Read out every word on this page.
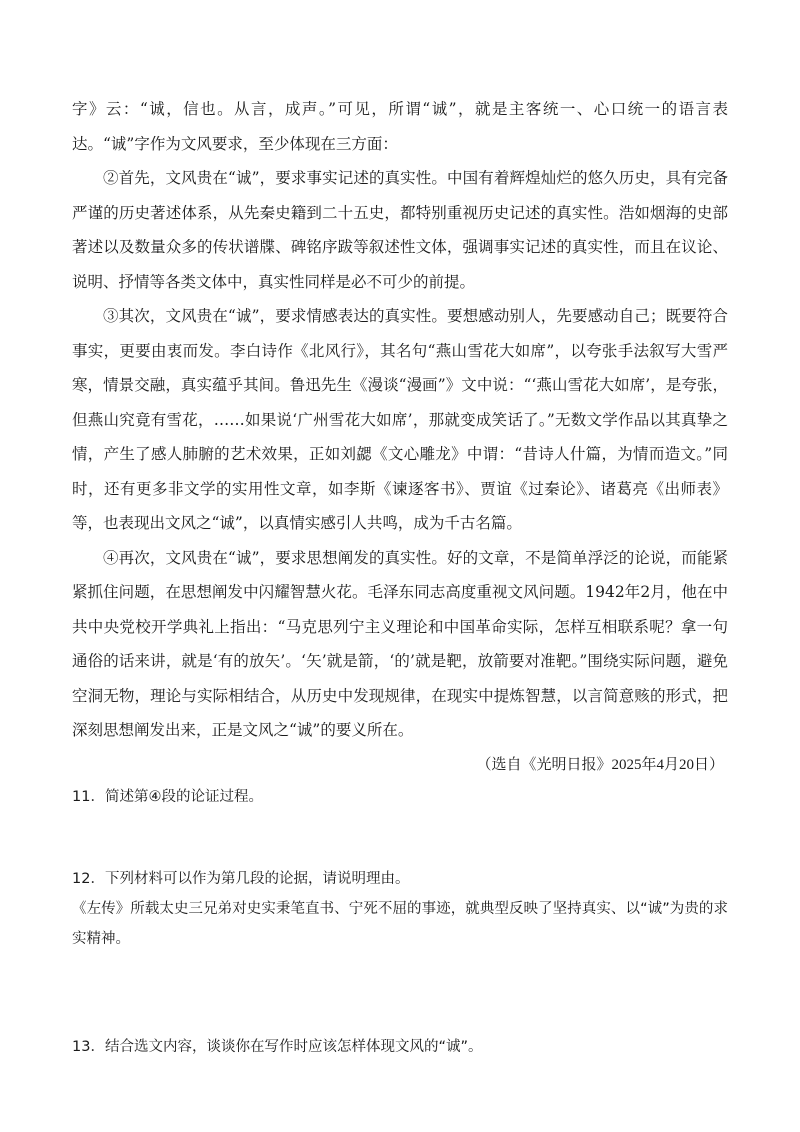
字》云：“诚，信也。从言，成声。”可见，所谓“诚”，就是主客统一、心口统一的语言表达。“诚”字作为文风要求，至少体现在三方面：

②首先，文风贵在“诚”，要求事实记述的真实性。中国有着辉煌灿烂的悠久历史，具有完备严谨的历史著述体系，从先秦史籍到二十五史，都特别重视历史记述的真实性。浩如烟海的史部著述以及数量众多的传状谱牒、碑铭序跋等叙述性文体，强调事实记述的真实性，而且在议论、说明、抒情等各类文体中，真实性同样是必不可少的前提。

③其次，文风贵在“诚”，要求情感表达的真实性。要想感动别人，先要感动自己；既要符合事实，更要由衷而发。李白诗作《北风行》，其名句“燕山雪花大如席”，以夸张手法叙写大雪严寒，情景交融，真实蕴乎其间。鲁迅先生《漫谈“漫画”》文中说：“‘燕山雪花大如席’，是夸张，但燕山究竟有雪花，……如果说‘广州雪花大如席’，那就变成笑话了。”无数文学作品以其真挚之情，产生了感人肺腑的艺术效果，正如刘勰《文心雕龙》中谓：“昔诗人什篇，为情而造文。”同时，还有更多非文学的实用性文章，如李斯《谏逐客书》、贾谊《过秦论》、诸葛亮《出师表》等，也表现出文风之“诚”，以真情实感引人共鸣，成为千古名篇。

④再次，文风贵在“诚”，要求思想阐发的真实性。好的文章，不是简单浮泛的论说，而能紧紧抓住问题，在思想阐发中闪耀智慧火花。毛泽东同志高度重视文风问题。1942年2月，他在中共中央党校开学典礼上指出：“马克思列宁主义理论和中国革命实际，怎样互相联系呢？拿一句通俗的话来讲，就是‘有的放矢’。‘矢’就是箭，‘的’就是靶，放箭要对准靶。”围绕实际问题，避免空洞无物，理论与实际相结合，从历史中发现规律，在现实中提炼智慧，以言简意赅的形式，把深刻思想阐发出来，正是文风之“诚”的要义所在。

（选自《光明日报》2025年4月20日）

11．简述第④段的论证过程。

12．下列材料可以作为第几段的论据，请说明理由。

《左传》所载太史三兄弟对史实秉笔直书、宁死不屈的事迹，就典型反映了坚持真实、以“诚”为贵的求实精神。

13．结合选文内容，谈谈你在写作时应该怎样体现文风的“诚”。
